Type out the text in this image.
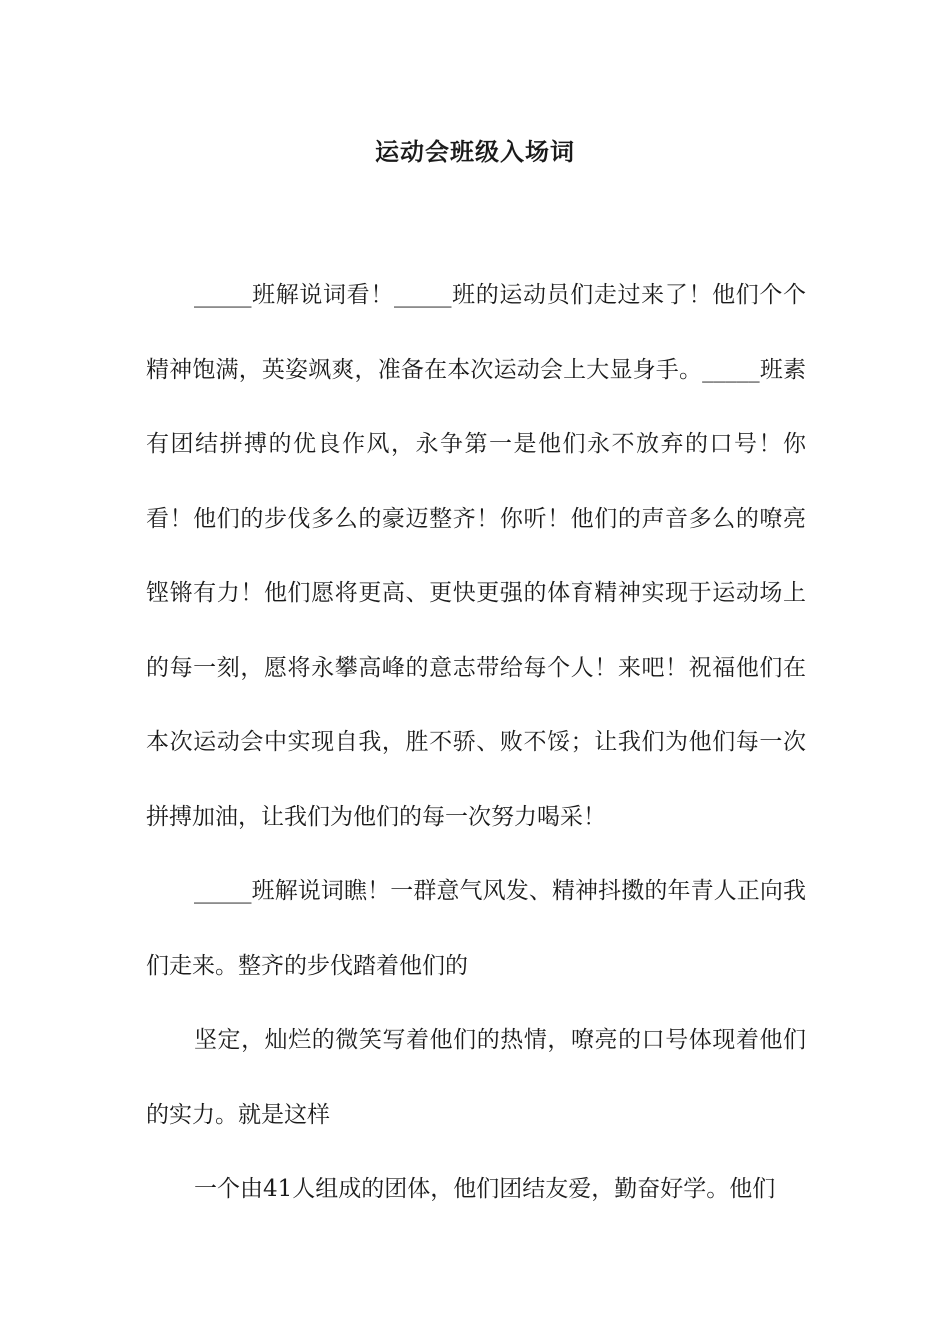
运动会班级入场词

_____班解说词看！_____班的运动员们走过来了！他们个个精神饱满，英姿飒爽，准备在本次运动会上大显身手。_____班素有团结拼搏的优良作风，永争第一是他们永不放弃的口号！你看！他们的步伐多么的豪迈整齐！你听！他们的声音多么的嘹亮铿锵有力！他们愿将更高、更快更强的体育精神实现于运动场上的每一刻，愿将永攀高峰的意志带给每个人！来吧！祝福他们在本次运动会中实现自我，胜不骄、败不馁；让我们为他们每一次拼搏加油，让我们为他们的每一次努力喝采！

_____班解说词瞧！一群意气风发、精神抖擞的年青人正向我们走来。整齐的步伐踏着他们的

坚定，灿烂的微笑写着他们的热情，嘹亮的口号体现着他们的实力。就是这样

一个由41人组成的团体，他们团结友爱，勤奋好学。他们
